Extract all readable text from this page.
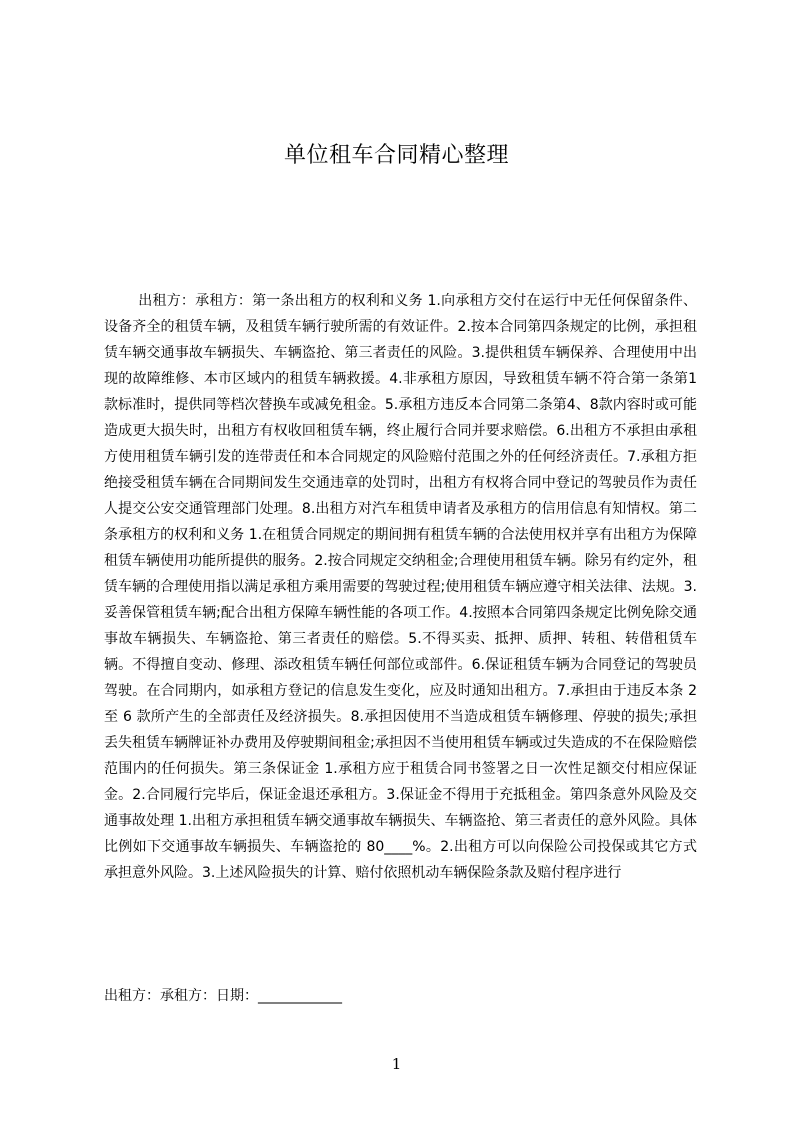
单位租车合同精心整理

出租方：承租方：第一条出租方的权利和义务 1.向承租方交付在运行中无任何保留条件、设备齐全的租赁车辆，及租赁车辆行驶所需的有效证件。2.按本合同第四条规定的比例，承担租赁车辆交通事故车辆损失、车辆盗抢、第三者责任的风险。3.提供租赁车辆保养、合理使用中出现的故障维修、本市区域内的租赁车辆救援。4.非承租方原因，导致租赁车辆不符合第一条第1款标准时，提供同等档次替换车或减免租金。5.承租方违反本合同第二条第4、8款内容时或可能造成更大损失时，出租方有权收回租赁车辆，终止履行合同并要求赔偿。6.出租方不承担由承租方使用租赁车辆引发的连带责任和本合同规定的风险赔付范围之外的任何经济责任。7.承租方拒绝接受租赁车辆在合同期间发生交通违章的处罚时，出租方有权将合同中登记的驾驶员作为责任人提交公安交通管理部门处理。8.出租方对汽车租赁申请者及承租方的信用信息有知情权。第二条承租方的权利和义务 1.在租赁合同规定的期间拥有租赁车辆的合法使用权并享有出租方为保障租赁车辆使用功能所提供的服务。2.按合同规定交纳租金;合理使用租赁车辆。除另有约定外，租赁车辆的合理使用指以满足承租方乘用需要的驾驶过程;使用租赁车辆应遵守相关法律、法规。3.妥善保管租赁车辆;配合出租方保障车辆性能的各项工作。4.按照本合同第四条规定比例免除交通事故车辆损失、车辆盗抢、第三者责任的赔偿。5.不得买卖、抵押、质押、转租、转借租赁车辆。不得擅自变动、修理、添改租赁车辆任何部位或部件。6.保证租赁车辆为合同登记的驾驶员驾驶。在合同期内，如承租方登记的信息发生变化，应及时通知出租方。7.承担由于违反本条 2 至 6 款所产生的全部责任及经济损失。8.承担因使用不当造成租赁车辆修理、停驶的损失;承担丢失租赁车辆牌证补办费用及停驶期间租金;承担因不当使用租赁车辆或过失造成的不在保险赔偿范围内的任何损失。第三条保证金 1.承租方应于租赁合同书签署之日一次性足额交付相应保证金。2.合同履行完毕后，保证金退还承租方。3.保证金不得用于充抵租金。第四条意外风险及交通事故处理 1.出租方承担租赁车辆交通事故车辆损失、车辆盗抢、第三者责任的意外风险。具体比例如下交通事故车辆损失、车辆盗抢的 80____%。2.出租方可以向保险公司投保或其它方式承担意外风险。3.上述风险损失的计算、赔付依照机动车辆保险条款及赔付程序进行

出租方：承租方：日期：____________

1
